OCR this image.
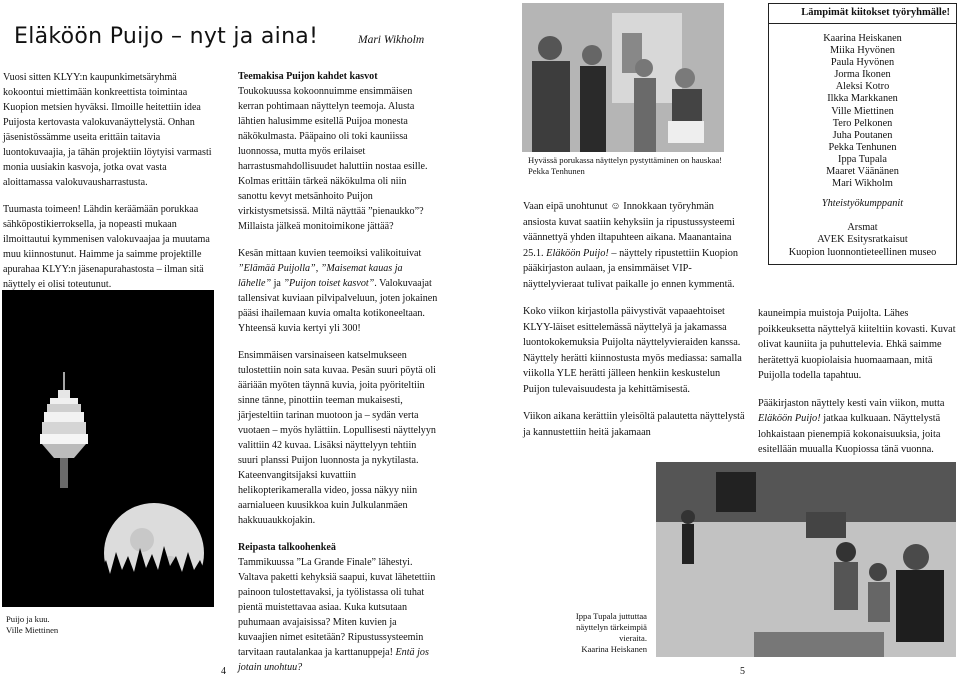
Eläköön Puijo – nyt ja aina!	Mari Wikholm

Vuosi sitten KLYY:n kaupunkimetsäryhmä kokoontui miettimään konkreettista toimintaa Kuopion metsien hyväksi. Ilmoille heitettiin idea Puijosta kertovasta valokuvanäyttelystä. Onhan jäsenistössämme useita erittäin taitavia luontokuvaajia, ja tähän projektiin löytyisi varmasti monia uusiakin kasvoja, jotka ovat vasta aloittamassa valokuvausharrastusta.

Tuumasta toimeen! Lähdin keräämään porukkaa sähköpostikierroksella, ja nopeasti mukaan ilmoittautui kymmenisen valokuvaajaa ja muutama muu kiinnostunut. Haimme ja saimme projektille apurahaa KLYY:n jäsenapurahastosta – ilman sitä näyttely ei olisi toteutunut.

Puijo ja kuu.
Ville Miettinen
4
Teemakisa Puijon kahdet kasvot

Toukokuussa kokoonnuimme ensimmäisen kerran pohtimaan näyttelyn teemoja. Alusta lähtien halusimme esitellä Puijoa monesta näkökulmasta. Pääpaino oli toki kauniissa luonnossa, mutta myös erilaiset harrastusmahdollisuudet haluttiin nostaa esille. Kolmas erittäin tärkeä näkökulma oli niin sanottu kevyt metsänhoito Puijon virkistysmetsissä. Miltä näyttää ”pienaukko”? Millaista jälkeä monitoimikone jättää?

Kesän mittaan kuvien teemoiksi valikoituivat ”Elämää Puijolla”, ”Maisemat kauas ja lähelle” ja ”Puijon toiset kasvot”. Valokuvaajat tallensivat kuviaan pilvipalveluun, joten jokainen pääsi ihailemaan kuvia omalta kotikoneeltaan. Yhteensä kuvia kertyi yli 300!

Ensimmäisen varsinaiseen katselmukseen tulostettiin noin sata kuvaa. Pesän suuri pöytä oli ääriään myöten täynnä kuvia, joita pyöriteltiin sinne tänne, pinottiin teeman mukaisesti, järjesteltiin tarinan muotoon ja – sydän verta vuotaen – myös hylättiin. Lopullisesti näyttelyyn valittiin 42 kuvaa. Lisäksi näyttelyyn tehtiin suuri planssi Puijon luonnosta ja nykytilasta. Kateenvangitsijaksi kuvattiin helikopterikameralla video, jossa näkyy niin aarnialueen kuusikkoa kuin Julkulanmäen hakkuuaukkojakin.

Reipasta talkoohenkeä

Tammikuussa ”La Grande Finale” lähestyi. Valtava paketti kehyksiä saapui, kuvat lähetettiin painoon tulostettavaksi, ja työlistassa oli tuhat pientä muistettavaa asiaa. Kuka kutsutaan puhumaan avajaisissa? Miten kuvien ja kuvaajien nimet esitetään? Ripustussysteemin tarvitaan rautalankaa ja karttanuppeja! Entä jos jotain unohtuu?

Hyvässä porukassa näyttelyn pystyttäminen on hauskaa!
Pekka Tenhunen

Vaan eipä unohtunut ☺ Innokkaan työryhmän ansiosta kuvat saatiin kehyksiin ja ripustussysteemi väännettyä yhden iltapuhteen aikana. Maanantaina 25.1. Eläköön Puijo! – näyttely ripustettiin Kuopion pääkirjaston aulaan, ja ensimmäiset VIP-näyttelyvieraat tulivat paikalle jo ennen kymmentä.

Koko viikon kirjastolla päivystivät vapaaehtoiset KLYY-läiset esittelemässä näyttelyä ja jakamassa luontokokemuksia Puijolta näyttelyvieraiden kanssa. Näyttely herätti kiinnostusta myös mediassa: samalla viikolla YLE herätti jälleen henkiin keskustelun Puijon tulevaisuudesta ja kehittämisestä.

Viikon aikana kerättiin yleisöltä palautetta näyttelystä ja kannustettiin heitä jakamaan

Lämpimät kiitokset työryhmälle!
Kaarina Heiskanen
Miika Hyvönen
Paula Hyvönen
Jorma Ikonen
Aleksi Kotro
Ilkka Markkanen
Ville Miettinen
Tero Pelkonen
Juha Poutanen
Pekka Tenhunen
Ippa Tupala
Maaret Väänänen
Mari Wikholm
Yhteistyökumppanit
Arsmat
AVEK Esitysratkaisut
Kuopion luonnontieteellinen museo

kauneimpia muistoja Puijolta. Lähes poikkeuksetta näyttelyä kiiteltiin kovasti. Kuvat olivat kauniita ja puhuttelevia. Ehkä saimme herätettyä kuopiolaisia huomaamaan, mitä Puijolla todella tapahtuu.

Pääkirjaston näyttely kesti vain viikon, mutta Eläköön Puijo! jatkaa kulkuaan. Näyttelystä lohkaistaan pienempiä kokonaisuuksia, joita esitellään muualla Kuopiossa tänä vuonna.

Ippa Tupala juttuttaa näyttelyn tärkeimpiä vieraita.
Kaarina Heiskanen
5
